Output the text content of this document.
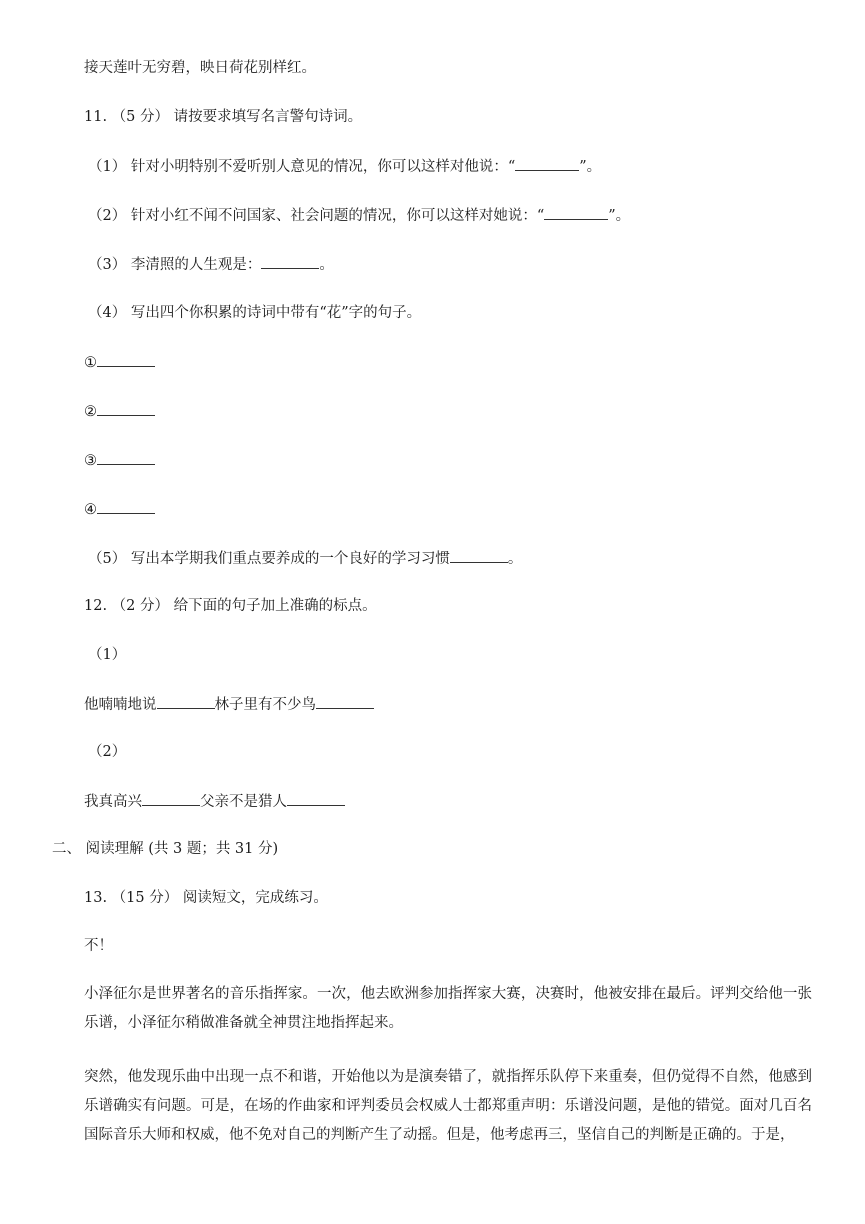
接天莲叶无穷碧，映日荷花别样红。
11. （5 分） 请按要求填写名言警句诗词。
（1） 针对小明特别不爱听别人意见的情况，你可以这样对他说：“	”。
（2） 针对小红不闻不问国家、社会问题的情况，你可以这样对她说：“	”。
（3） 李清照的人生观是：	。
（4） 写出四个你积累的诗词中带有“花”字的句子。
①
②
③
④
（5） 写出本学期我们重点要养成的一个良好的学习习惯	。
12. （2 分） 给下面的句子加上准确的标点。
（1）
他喃喃地说	林子里有不少鸟
（2）
我真高兴	父亲不是猎人
二、 阅读理解 (共 3 题；共 31 分)
13. （15 分） 阅读短文，完成练习。
不！
小泽征尔是世界著名的音乐指挥家。一次，他去欧洲参加指挥家大赛，决赛时，他被安排在最后。评判交给他一张乐谱，小泽征尔稍做准备就全神贯注地指挥起来。
突然，他发现乐曲中出现一点不和谐，开始他以为是演奏错了，就指挥乐队停下来重奏，但仍觉得不自然，他感到乐谱确实有问题。可是，在场的作曲家和评判委员会权威人士都郑重声明：乐谱没问题，是他的错觉。面对几百名国际音乐大师和权威，他不免对自己的判断产生了动摇。但是，他考虑再三，坚信自己的判断是正确的。于是，
